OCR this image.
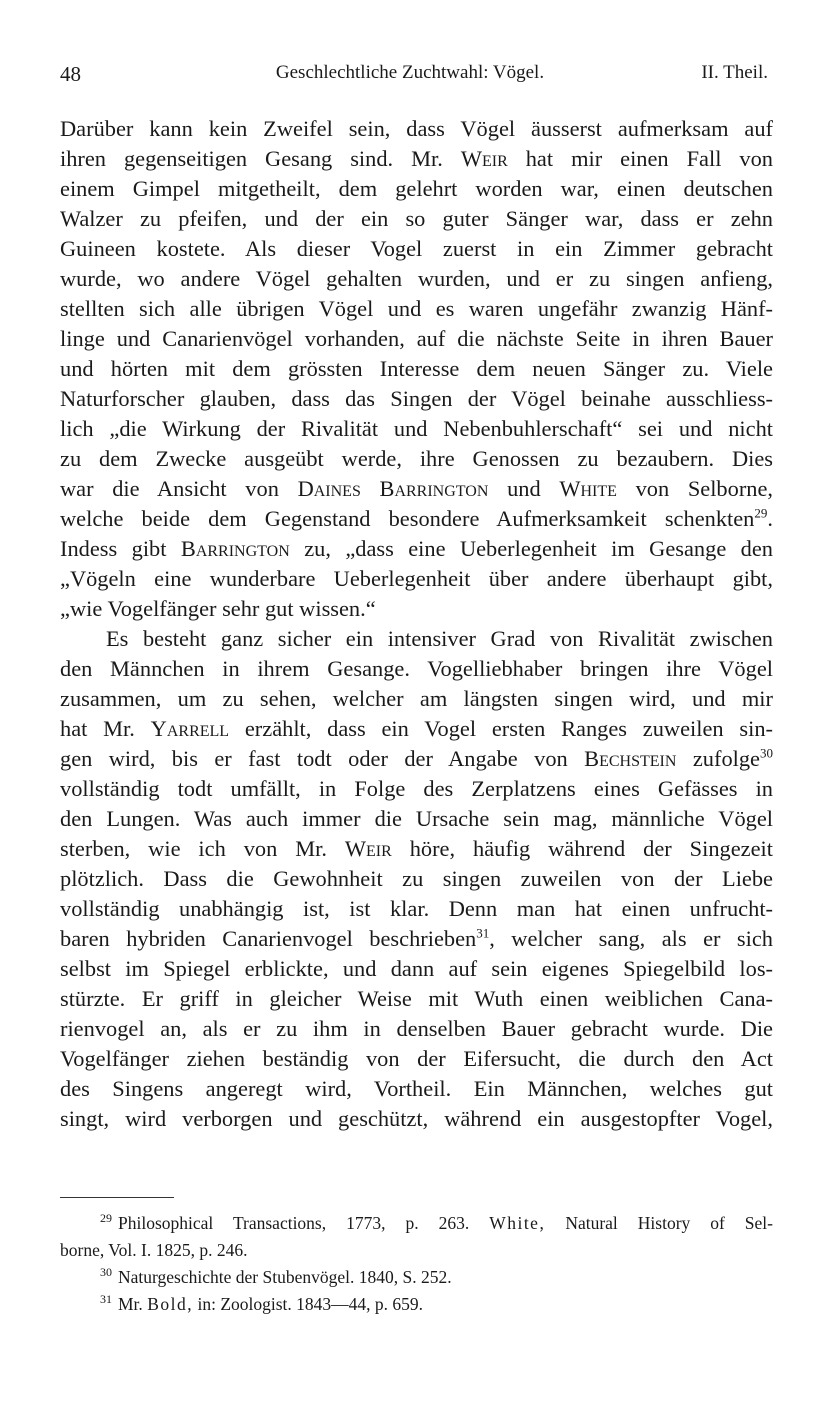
48	Geschlechtliche Zuchtwahl: Vögel.	II. Theil.
Darüber kann kein Zweifel sein, dass Vögel äusserst aufmerksam auf
ihren gegenseitigen Gesang sind. Mr. Weir hat mir einen Fall von
einem Gimpel mitgetheilt, dem gelehrt worden war, einen deutschen
Walzer zu pfeifen, und der ein so guter Sänger war, dass er zehn
Guineen kostete. Als dieser Vogel zuerst in ein Zimmer gebracht
wurde, wo andere Vögel gehalten wurden, und er zu singen anfieng,
stellten sich alle übrigen Vögel und es waren ungefähr zwanzig Hänf-
linge und Canarienvögel vorhanden, auf die nächste Seite in ihren Bauer
und hörten mit dem grössten Interesse dem neuen Sänger zu. Viele
Naturforscher glauben, dass das Singen der Vögel beinahe ausschliess-
lich „die Wirkung der Rivalität und Nebenbuhlerschaft“ sei und nicht
zu dem Zwecke ausgeübt werde, ihre Genossen zu bezaubern. Dies
war die Ansicht von Daines Barrington und White von Selborne,
welche beide dem Gegenstand besondere Aufmerksamkeit schenkten$^{29}$.
Indess gibt Barrington zu, „dass eine Ueberlegenheit im Gesange den
„Vögeln eine wunderbare Ueberlegenheit über andere überhaupt gibt,
„wie Vogelfänger sehr gut wissen.“
Es besteht ganz sicher ein intensiver Grad von Rivalität zwischen
den Männchen in ihrem Gesange. Vogelliebhaber bringen ihre Vögel
zusammen, um zu sehen, welcher am längsten singen wird, und mir
hat Mr. Yarrell erzählt, dass ein Vogel ersten Ranges zuweilen sin-
gen wird, bis er fast todt oder der Angabe von Bechstein zufolge$^{30}$
vollständig todt umfällt, in Folge des Zerplatzens eines Gefässes in
den Lungen. Was auch immer die Ursache sein mag, männliche Vögel
sterben, wie ich von Mr. Weir höre, häufig während der Singezeit
plötzlich. Dass die Gewohnheit zu singen zuweilen von der Liebe
vollständig unabhängig ist, ist klar. Denn man hat einen unfrucht-
baren hybriden Canarienvogel beschrieben$^{31}$, welcher sang, als er sich
selbst im Spiegel erblickte, und dann auf sein eigenes Spiegelbild los-
stürzte. Er griff in gleicher Weise mit Wuth einen weiblichen Cana-
rienvogel an, als er zu ihm in denselben Bauer gebracht wurde. Die
Vogelfänger ziehen beständig von der Eifersucht, die durch den Act
des Singens angeregt wird, Vortheil. Ein Männchen, welches gut
singt, wird verborgen und geschützt, während ein ausgestopfter Vogel,
$^{29}$ Philosophical Transactions, 1773, p. 263. White, Natural History of Sel-
borne, Vol. I. 1825, p. 246.
$^{30}$ Naturgeschichte der Stubenvögel. 1840, S. 252.
$^{31}$ Mr. Bold, in: Zoologist. 1843—44, p. 659.
